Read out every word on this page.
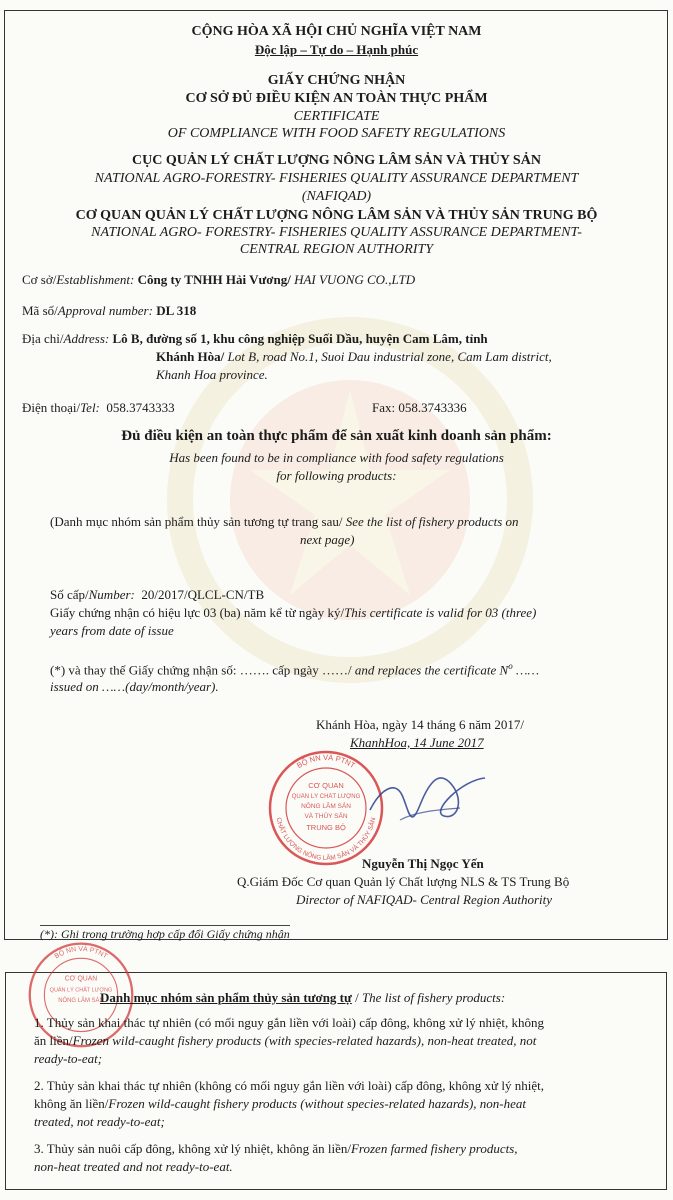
CỘNG HÒA XÃ HỘI CHỦ NGHĨA VIỆT NAM
Độc lập – Tự do – Hạnh phúc
GIẤY CHỨNG NHẬN
CƠ SỞ ĐỦ ĐIỀU KIỆN AN TOÀN THỰC PHẨM
CERTIFICATE
OF COMPLIANCE WITH FOOD SAFETY REGULATIONS
CỤC QUẢN LÝ CHẤT LƯỢNG NÔNG LÂM SẢN VÀ THỦY SẢN
NATIONAL AGRO-FORESTRY- FISHERIES QUALITY ASSURANCE DEPARTMENT
(NAFIQAD)
CƠ QUAN QUẢN LÝ CHẤT LƯỢNG NÔNG LÂM SẢN VÀ THỦY SẢN TRUNG BỘ
NATIONAL AGRO- FORESTRY- FISHERIES QUALITY ASSURANCE DEPARTMENT-
CENTRAL REGION AUTHORITY
Cơ sở/Establishment: Công ty TNHH Hải Vương/ HAI VUONG CO.,LTD
Mã số/Approval number: DL 318
Địa chỉ/Address: Lô B, đường số 1, khu công nghiệp Suối Dầu, huyện Cam Lâm, tỉnh
Khánh Hòa/ Lot B, road No.1, Suoi Dau industrial zone, Cam Lam district,
Khanh Hoa province.
Điện thoại/Tel: 058.3743333	Fax: 058.3743336
Đủ điều kiện an toàn thực phẩm để sản xuất kinh doanh sản phẩm:
Has been found to be in compliance with food safety regulations
for following products:
(Danh mục nhóm sản phẩm thủy sản tương tự trang sau/ See the list of fishery products on
next page)
Số cấp/Number: 20/2017/QLCL-CN/TB
Giấy chứng nhận có hiệu lực 03 (ba) năm kể từ ngày ký/This certificate is valid for 03 (three)
years from date of issue
(*) và thay thế Giấy chứng nhận số: ……. cấp ngày ……/ and replaces the certificate $N^o$ ……
issued on ……(day/month/year).
Khánh Hòa, ngày 14 tháng 6 năm 2017/
KhanhHoa, 14 June 2017
BỘ NN VÀ PTNT
CHẤT LƯỢNG NÔNG LÂM SẢN VÀ THỦY SẢN
CƠ QUAN
QUẢN LÝ CHẤT LƯỢNG
NÔNG LÂM SẢN
VÀ THỦY SẢN
TRUNG BỘ
Nguyễn Thị Ngọc Yến
Q.Giám Đốc Cơ quan Quản lý Chất lượng NLS & TS Trung Bộ
Director of NAFIQAD- Central Region Authority
(*): Ghi trong trường hợp cấp đổi Giấy chứng nhận
BỘ NN VÀ PTNT
CƠ QUAN
QUẢN LÝ CHẤT LƯỢNG
NÔNG LÂM SẢN
Danh mục nhóm sản phẩm thủy sản tương tự / The list of fishery products:
1. Thủy sản khai thác tự nhiên (có mối nguy gắn liền với loài) cấp đông, không xử lý nhiệt, không
ăn liền/Frozen wild-caught fishery products (with species-related hazards), non-heat treated, not
ready-to-eat;
2. Thủy sản khai thác tự nhiên (không có mối nguy gắn liền với loài) cấp đông, không xử lý nhiệt,
không ăn liền/Frozen wild-caught fishery products (without species-related hazards), non-heat
treated, not ready-to-eat;
3. Thủy sản nuôi cấp đông, không xử lý nhiệt, không ăn liền/Frozen farmed fishery products,
non-heat treated and not ready-to-eat.
